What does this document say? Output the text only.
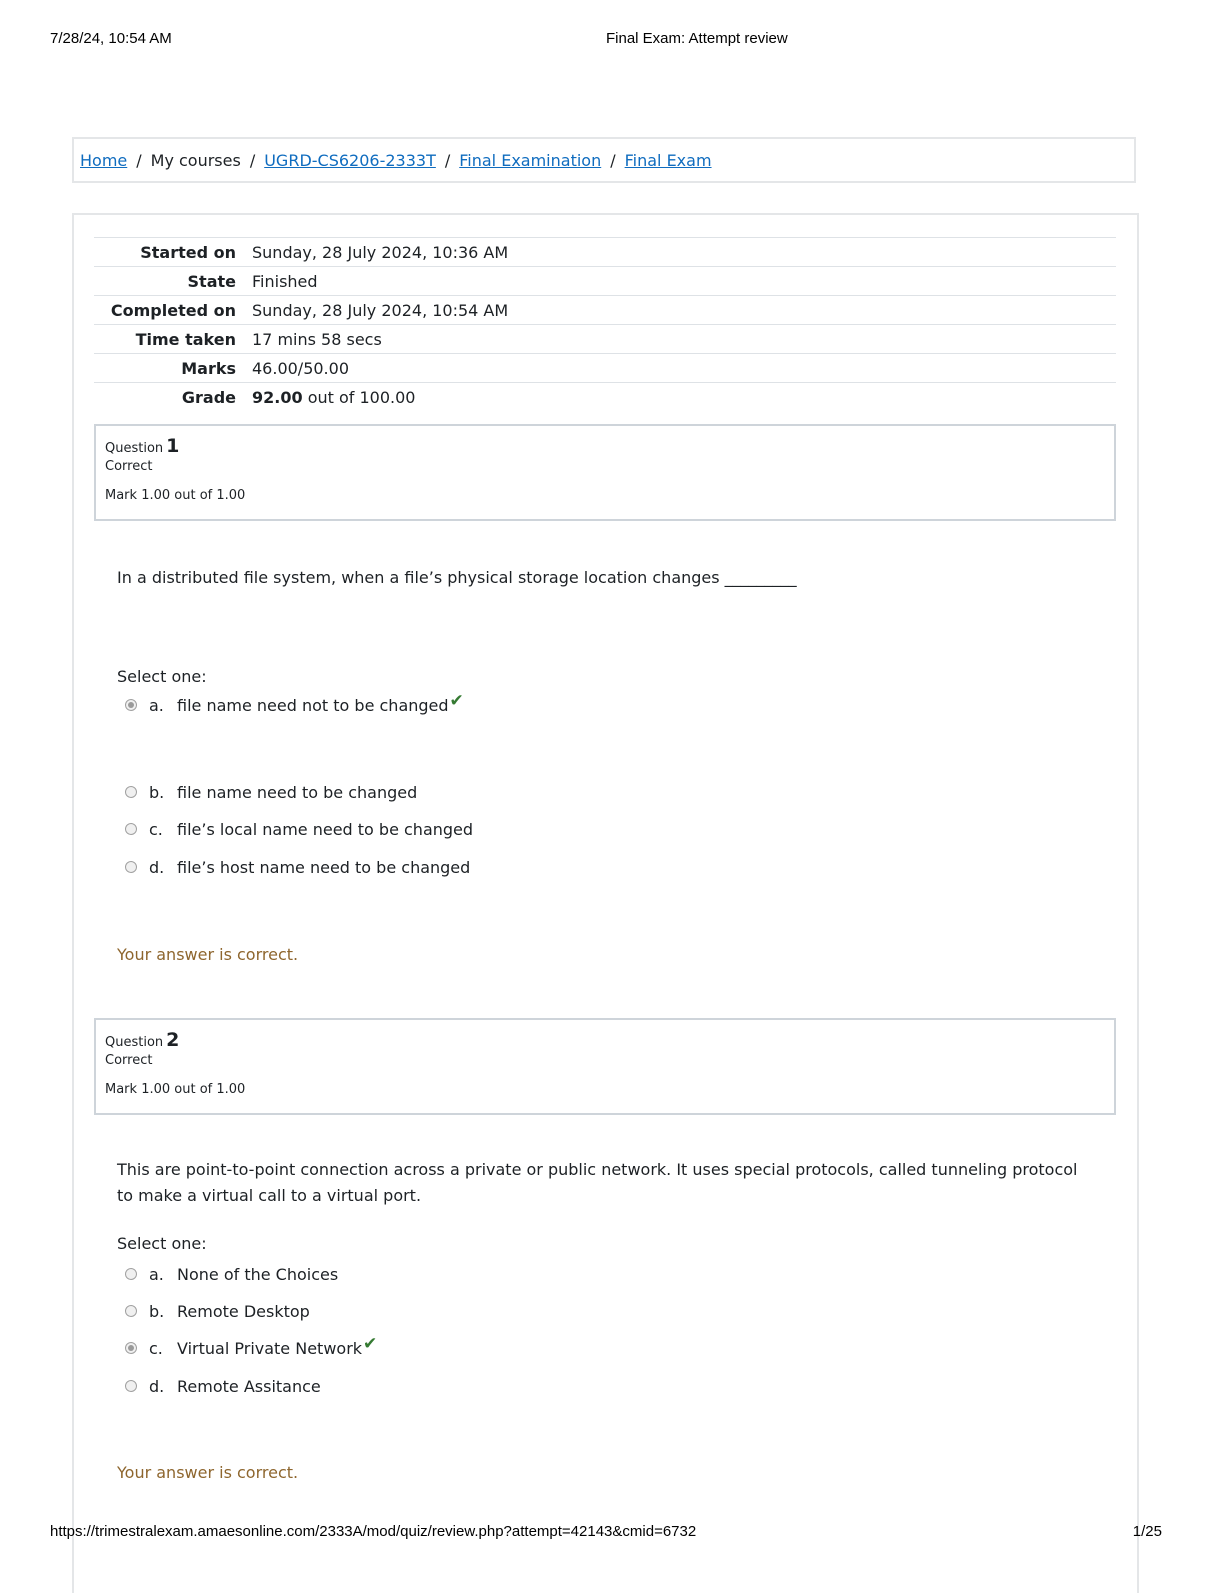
7/28/24, 10:54 AM	Final Exam: Attempt review
Home / My courses / UGRD-CS6206-2333T / Final Examination / Final Exam
Started on	Sunday, 28 July 2024, 10:36 AM
State	Finished
Completed on	Sunday, 28 July 2024, 10:54 AM
Time taken	17 mins 58 secs
Marks	46.00/50.00
Grade	92.00 out of 100.00
Question 1
Correct
Mark 1.00 out of 1.00
In a distributed file system, when a file’s physical storage location changes _________
Select one:
a. file name need not to be changed ✔
b. file name need to be changed
c. file’s local name need to be changed
d. file’s host name need to be changed
Your answer is correct.
Question 2
Correct
Mark 1.00 out of 1.00
This are point-to-point connection across a private or public network. It uses special protocols, called tunneling protocol to make a virtual call to a virtual port.
Select one:
a. None of the Choices
b. Remote Desktop
c. Virtual Private Network ✔
d. Remote Assitance
Your answer is correct.
https://trimestralexam.amaesonline.com/2333A/mod/quiz/review.php?attempt=42143&cmid=6732	1/25
